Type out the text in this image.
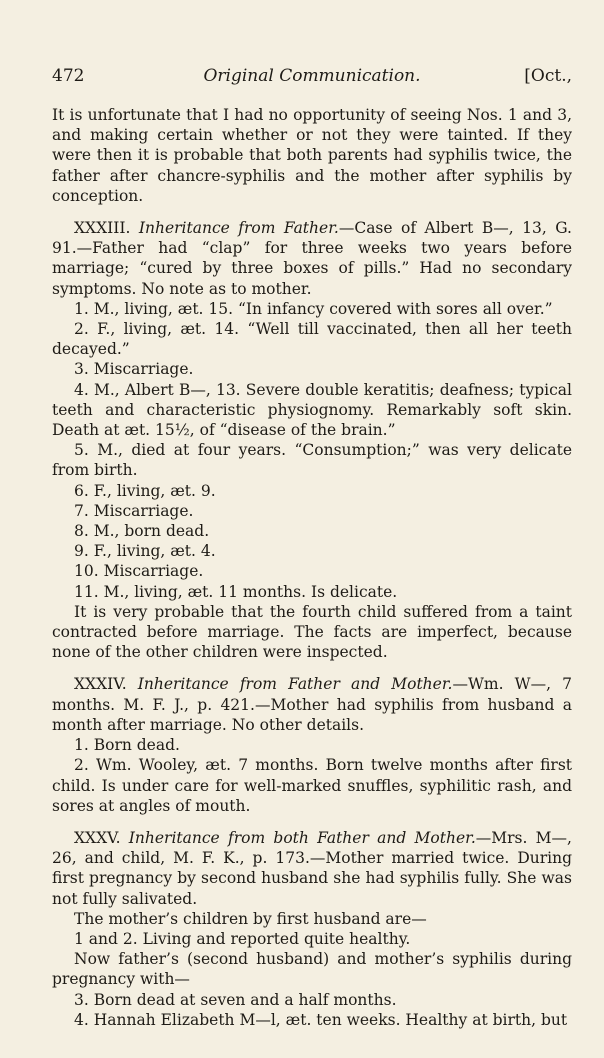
472	Original Communication.	[Oct.,

It is unfortunate that I had no opportunity of seeing Nos. 1 and 3, and making certain whether or not they were tainted. If they were then it is probable that both parents had syphilis twice, the father after chancre-syphilis and the mother after syphilis by conception.

XXXIII. Inheritance from Father.—Case of Albert B—, 13, G. 91.—Father had “clap” for three weeks two years before marriage; “cured by three boxes of pills.” Had no secondary symptoms. No note as to mother.

1. M., living, æt. 15. “In infancy covered with sores all over.”

2. F., living, æt. 14. “Well till vaccinated, then all her teeth decayed.”

3. Miscarriage.

4. M., Albert B—, 13. Severe double keratitis; deafness; typical teeth and characteristic physiognomy. Remarkably soft skin. Death at æt. 15½, of “disease of the brain.”

5. M., died at four years. “Consumption;” was very delicate from birth.

6. F., living, æt. 9.

7. Miscarriage.

8. M., born dead.

9. F., living, æt. 4.

10. Miscarriage.

11. M., living, æt. 11 months. Is delicate.

It is very probable that the fourth child suffered from a taint contracted before marriage. The facts are imperfect, because none of the other children were inspected.

XXXIV. Inheritance from Father and Mother.—Wm. W—, 7 months. M. F. J., p. 421.—Mother had syphilis from husband a month after marriage. No other details.

1. Born dead.

2. Wm. Wooley, æt. 7 months. Born twelve months after first child. Is under care for well-marked snuffles, syphilitic rash, and sores at angles of mouth.

XXXV. Inheritance from both Father and Mother.—Mrs. M—, 26, and child, M. F. K., p. 173.—Mother married twice. During first pregnancy by second husband she had syphilis fully. She was not fully salivated.

The mother’s children by first husband are—

1 and 2. Living and reported quite healthy.

Now father’s (second husband) and mother’s syphilis during pregnancy with—

3. Born dead at seven and a half months.

4. Hannah Elizabeth M—l, æt. ten weeks. Healthy at birth, but
